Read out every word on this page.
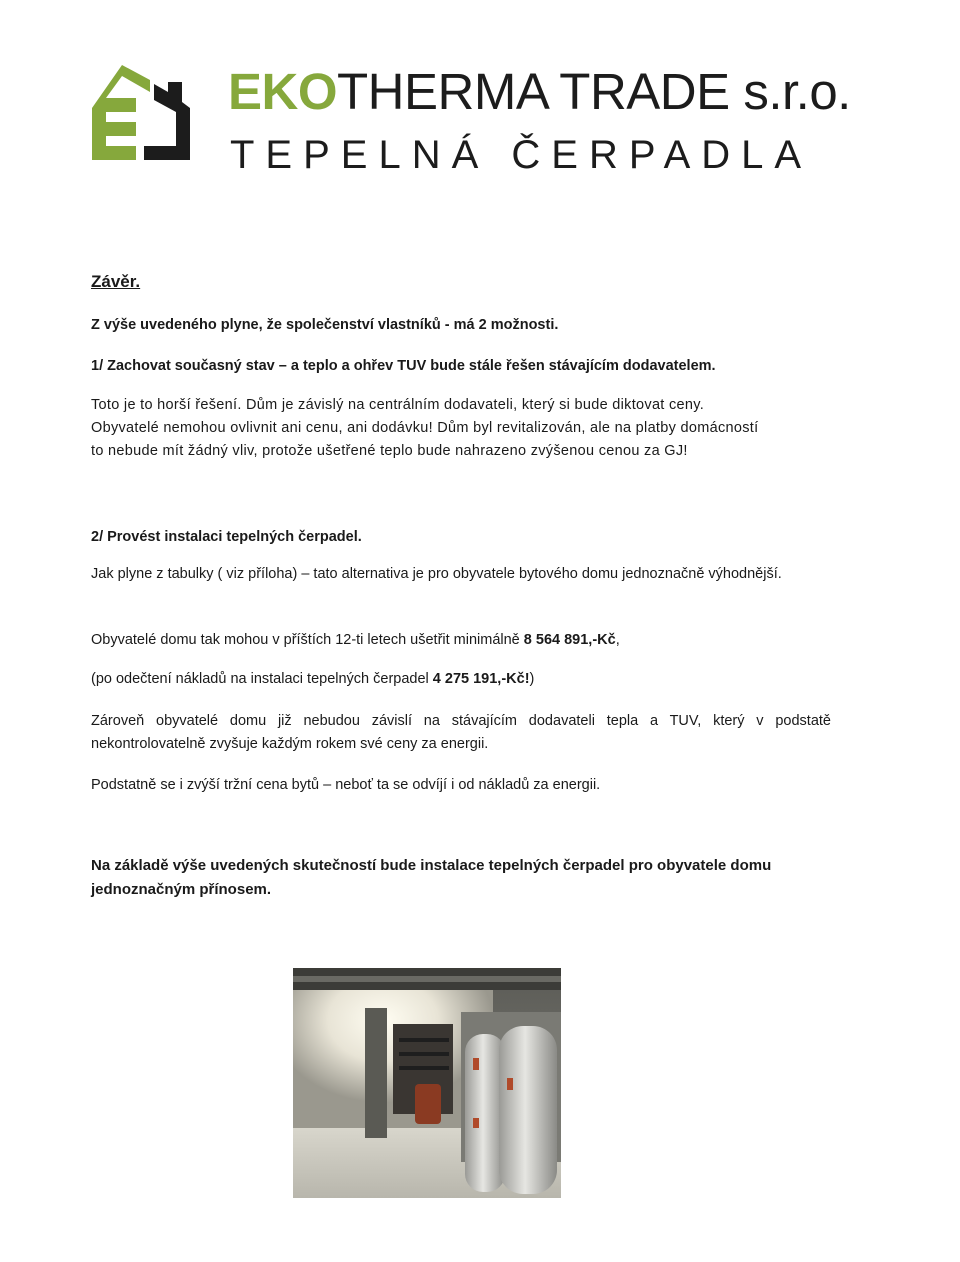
EKOTHERMA TRADE s.r.o.
TEPELNÁ ČERPADLA
Závěr.
Z výše uvedeného plyne, že společenství vlastníků - má 2 možnosti.
1/ Zachovat současný stav – a teplo a ohřev TUV bude stále řešen stávajícím dodavatelem.

Toto je to horší řešení. Dům je závislý na centrálním dodavateli, který si bude diktovat ceny.

Obyvatelé nemohou ovlivnit ani cenu, ani dodávku! Dům byl revitalizován, ale na platby domácností

to nebude mít žádný vliv, protože ušetřené teplo bude nahrazeno zvýšenou cenou za GJ!

2/ Provést instalaci tepelných čerpadel.
Jak plyne z tabulky ( viz příloha) – tato alternativa je pro obyvatele bytového domu jednoznačně výhodnější.
Obyvatelé domu tak mohou v příštích 12-ti letech ušetřit minimálně 8 564 891,-Kč,
(po odečtení nákladů na instalaci tepelných čerpadel 4 275 191,-Kč!)
Zároveň obyvatelé domu již nebudou závislí na stávajícím dodavateli tepla a TUV, který v podstatě nekontrolovatelně zvyšuje každým rokem své ceny za energii.
Podstatně se i zvýší tržní cena bytů – neboť ta se odvíjí i od nákladů za energii.
Na základě výše uvedených skutečností bude instalace tepelných čerpadel pro obyvatele domu jednoznačným přínosem.
